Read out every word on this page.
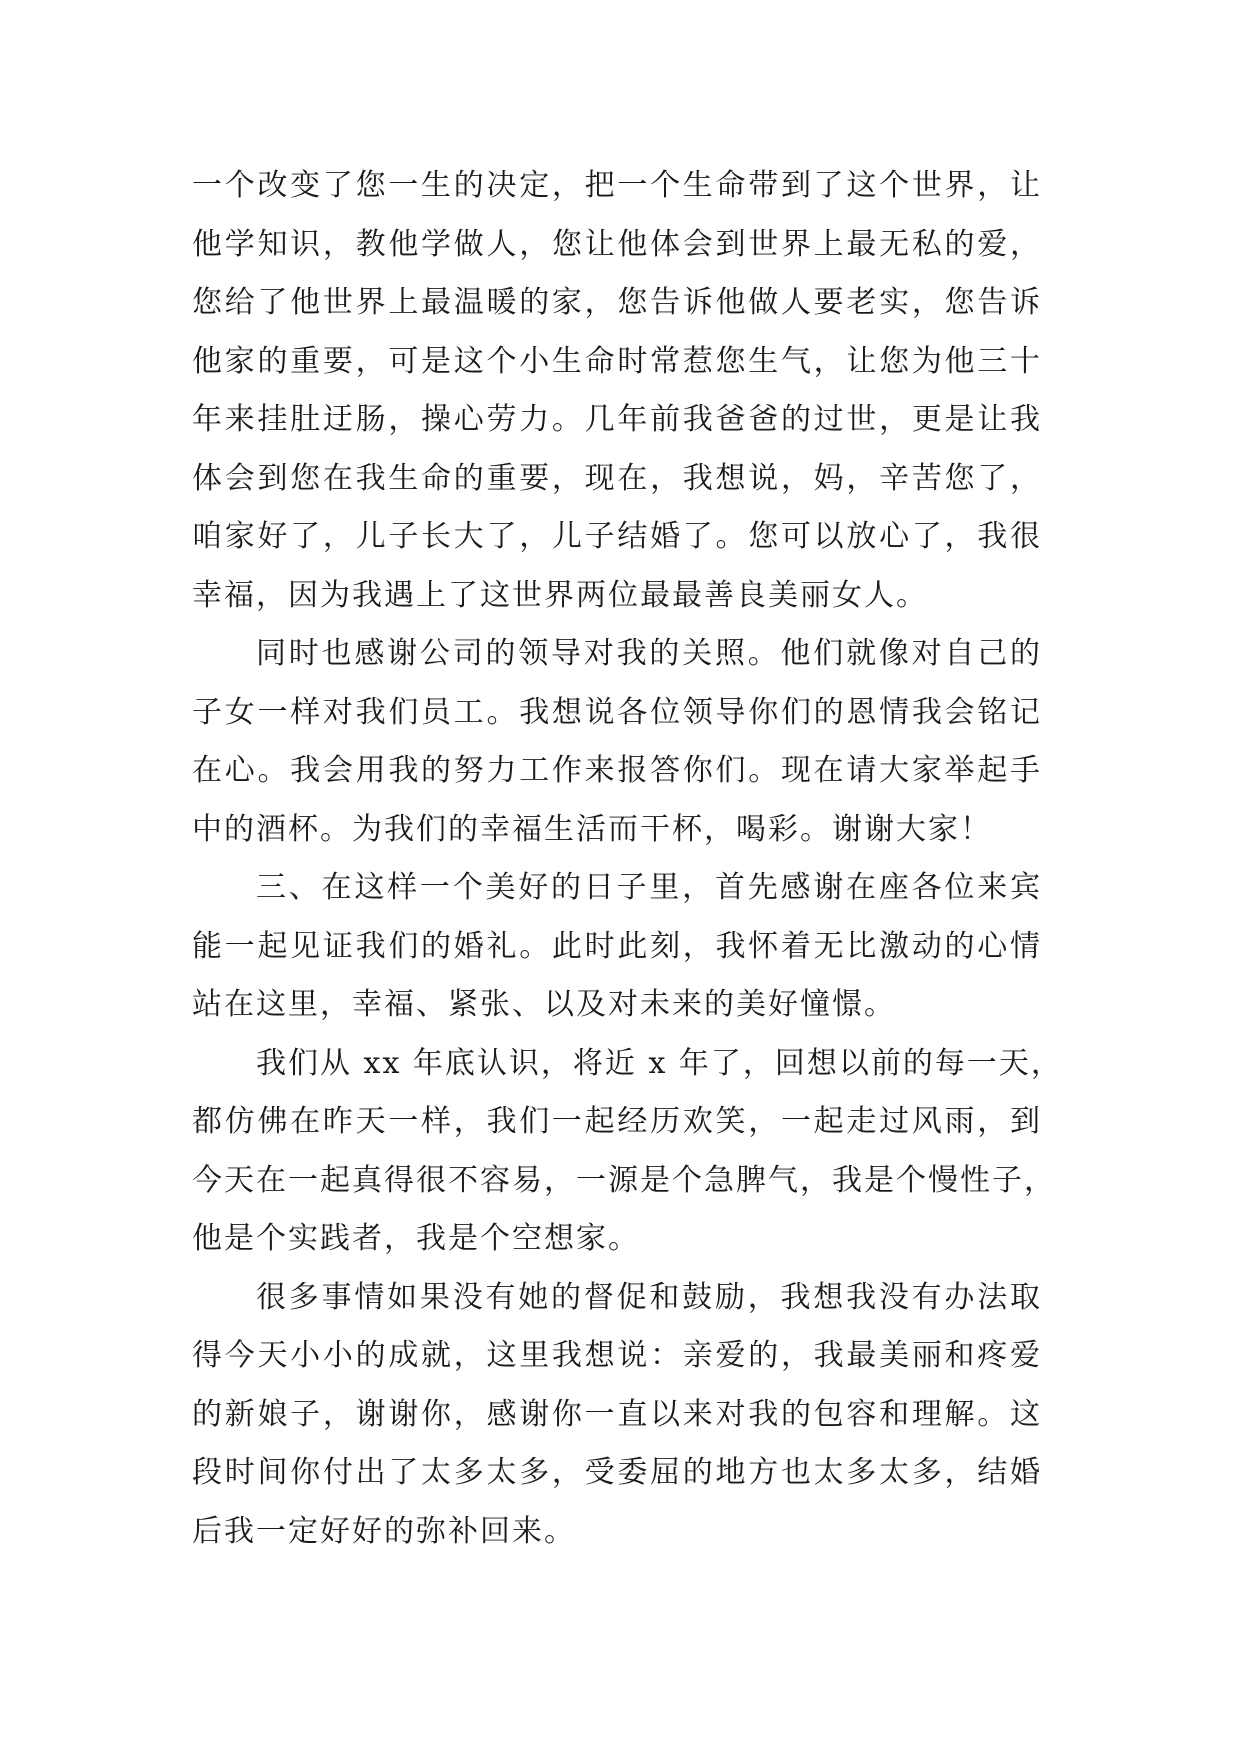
一个改变了您一生的决定，把一个生命带到了这个世界，让
他学知识，教他学做人，您让他体会到世界上最无私的爱，
您给了他世界上最温暖的家，您告诉他做人要老实，您告诉
他家的重要，可是这个小生命时常惹您生气，让您为他三十
年来挂肚迂肠，操心劳力。几年前我爸爸的过世，更是让我
体会到您在我生命的重要，现在，我想说，妈，辛苦您了，
咱家好了，儿子长大了，儿子结婚了。您可以放心了，我很
幸福，因为我遇上了这世界两位最最善良美丽女人。
同时也感谢公司的领导对我的关照。他们就像对自己的
子女一样对我们员工。我想说各位领导你们的恩情我会铭记
在心。我会用我的努力工作来报答你们。现在请大家举起手
中的酒杯。为我们的幸福生活而干杯，喝彩。谢谢大家！
三、在这样一个美好的日子里，首先感谢在座各位来宾
能一起见证我们的婚礼。此时此刻，我怀着无比激动的心情
站在这里，幸福、紧张、以及对未来的美好憧憬。
我们从 xx 年底认识，将近 x 年了，回想以前的每一天，
都仿佛在昨天一样，我们一起经历欢笑，一起走过风雨，到
今天在一起真得很不容易，一源是个急脾气，我是个慢性子，
他是个实践者，我是个空想家。
很多事情如果没有她的督促和鼓励，我想我没有办法取
得今天小小的成就，这里我想说：亲爱的，我最美丽和疼爱
的新娘子，谢谢你，感谢你一直以来对我的包容和理解。这
段时间你付出了太多太多，受委屈的地方也太多太多，结婚
后我一定好好的弥补回来。
